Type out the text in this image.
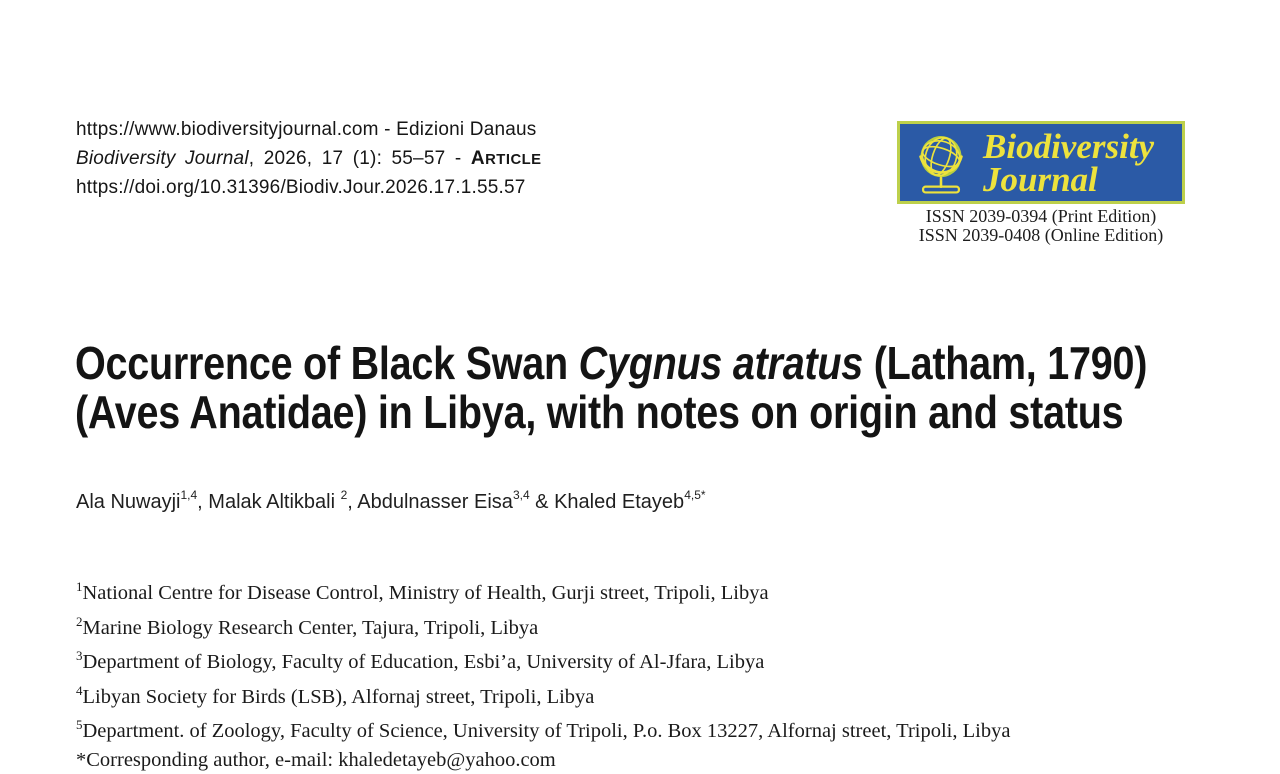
https://www.biodiversityjournal.com - Edizioni Danaus
Biodiversity Journal, 2026, 17 (1): 55–57 - ARTICLE
https://doi.org/10.31396/Biodiv.Jour.2026.17.1.55.57
Biodiversity
Journal
ISSN 2039-0394 (Print Edition)
ISSN 2039-0408 (Online Edition)
Occurrence of Black Swan Cygnus atratus (Latham, 1790)
(Aves Anatidae) in Libya, with notes on origin and status

Ala Nuwayji$^{1,4}$, Malak Altikbali $^2$, Abdulnasser Eisa$^{3,4}$ & Khaled Etayeb$^{4,5*}$

$^1$National Centre for Disease Control, Ministry of Health, Gurji street, Tripoli, Libya
$^2$Marine Biology Research Center, Tajura, Tripoli, Libya
$^3$Department of Biology, Faculty of Education, Esbi’a, University of Al-Jfara, Libya
$^4$Libyan Society for Birds (LSB), Alfornaj street, Tripoli, Libya
$^5$Department. of Zoology, Faculty of Science, University of Tripoli, P.o. Box 13227, Alfornaj street, Tripoli, Libya
*Corresponding author, e-mail: khaledetayeb@yahoo.com
